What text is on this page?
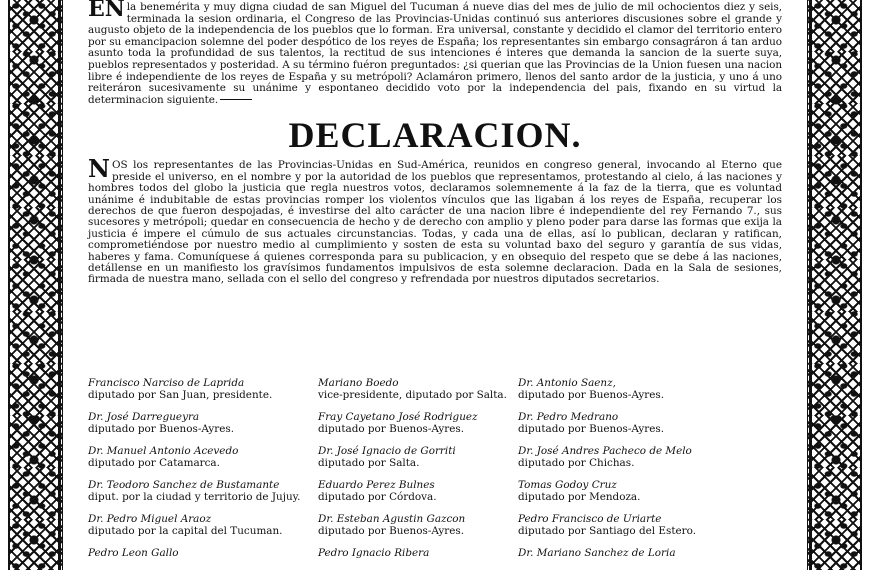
EN la benemérita y muy digna ciudad de san Miguel del Tucuman á nueve dias del mes de julio de mil ochocientos diez y seis, terminada la sesion ordinaria, el Congreso de las Provincias-Unidas continuó sus anteriores discusiones sobre el grande y augusto objeto de la independencia de los pueblos que lo forman. Era universal, constante y decidido el clamor del territorio entero por su emancipacion solemne del poder despótico de los reyes de España; los representantes sin embargo consagráron á tan arduo asunto toda la profundidad de sus talentos, la rectitud de sus intenciones é interes que demanda la sancion de la suerte suya, pueblos representados y posteridad. A su término fuéron preguntados: ¿si querian que las Provincias de la Union fuesen una nacion libre é independiente de los reyes de España y su metrópoli? Aclamáron primero, llenos del santo ardor de la justicia, y uno á uno reiteráron sucesivamente su unánime y espontaneo decidido voto por la independencia del pais, fixando en su virtud la determinacion siguiente.

DECLARACION.

NOS los representantes de las Provincias-Unidas en Sud-América, reunidos en congreso general, invocando al Eterno que preside el universo, en el nombre y por la autoridad de los pueblos que representamos, protestando al cielo, á las naciones y hombres todos del globo la justicia que regla nuestros votos, declaramos solemnemente á la faz de la tierra, que es voluntad unánime é indubitable de estas provincias romper los violentos vínculos que las ligaban á los reyes de España, recuperar los derechos de que fueron despojadas, é investirse del alto carácter de una nacion libre é independiente del rey Fernando 7., sus sucesores y metrópoli; quedar en consecuencia de hecho y de derecho con amplio y pleno poder para darse las formas que exija la justicia é impere el cúmulo de sus actuales circunstancias. Todas, y cada una de ellas, así lo publican, declaran y ratifican, comprometiéndose por nuestro medio al cumplimiento y sosten de esta su voluntad baxo del seguro y garantía de sus vidas, haberes y fama. Comuníquese á quienes corresponda para su publicacion, y en obsequio del respeto que se debe á las naciones, detállense en un manifiesto los gravísimos fundamentos impulsivos de esta solemne declaracion. Dada en la Sala de sesiones, firmada de nuestra mano, sellada con el sello del congreso y refrendada por nuestros diputados secretarios.

Francisco Narciso de Laprida
diputado por San Juan, presidente.
Mariano Boedo
vice-presidente, diputado por Salta.
Dr. Antonio Saenz,
diputado por Buenos-Ayres.
Dr. José Darregueyra
diputado por Buenos-Ayres.
Fray Cayetano José Rodriguez
diputado por Buenos-Ayres.
Dr. Pedro Medrano
diputado por Buenos-Ayres.
Dr. Manuel Antonio Acevedo
diputado por Catamarca.
Dr. José Ignacio de Gorriti
diputado por Salta.
Dr. José Andres Pacheco de Melo
diputado por Chichas.
Dr. Teodoro Sanchez de Bustamante
diput. por la ciudad y territorio de Jujuy.
Eduardo Perez Bulnes
diputado por Córdova.
Tomas Godoy Cruz
diputado por Mendoza.
Dr. Pedro Miguel Araoz
diputado por la capital del Tucuman.
Dr. Esteban Agustin Gazcon
diputado por Buenos-Ayres.
Pedro Francisco de Uriarte
diputado por Santiago del Estero.
Pedro Leon Gallo	Pedro Ignacio Ribera	Dr. Mariano Sanchez de Loria
